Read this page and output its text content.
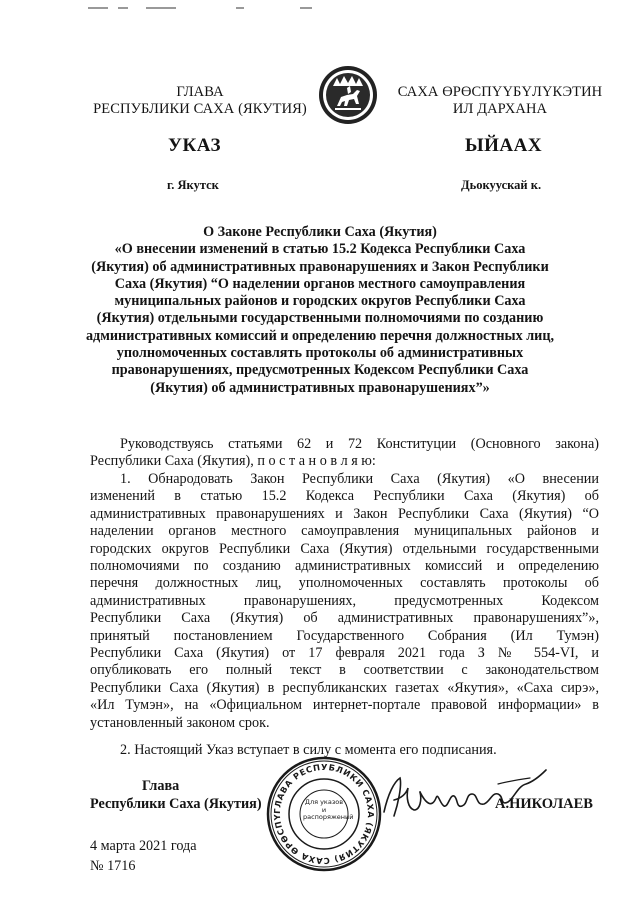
ГЛАВА
РЕСПУБЛИКИ САХА (ЯКУТИЯ)
САХА ӨРӨСПҮҮБҮЛҮКЭТИН
ИЛ ДАРХАНА
УКАЗ	ЫЙААХ
г. Якутск	Дьокуускай к.
О Законе Республики Саха (Якутия)
«О внесении изменений в статью 15.2 Кодекса Республики Саха
(Якутия) об административных правонарушениях и Закон Республики
Саха (Якутия) “О наделении органов местного самоуправления
муниципальных районов и городских округов Республики Саха
(Якутия) отдельными государственными полномочиями по созданию
административных комиссий и определению перечня должностных лиц,
уполномоченных составлять протоколы об административных
правонарушениях, предусмотренных Кодексом Республики Саха
(Якутия) об административных правонарушениях”»
Руководствуясь статьями 62 и 72 Конституции (Основного закона)
Республики Саха (Якутия), п о с т а н о в л я ю:
1. Обнародовать Закон Республики Саха (Якутия) «О внесении
изменений в статью 15.2 Кодекса Республики Саха (Якутия) об
административных правонарушениях и Закон Республики Саха (Якутия) “О
наделении органов местного самоуправления муниципальных районов и
городских округов Республики Саха (Якутия) отдельными государственными
полномочиями по созданию административных комиссий и определению
перечня должностных лиц, уполномоченных составлять протоколы об
административных правонарушениях, предусмотренных Кодексом
Республики Саха (Якутия) об административных правонарушениях”»,
принятый постановлением Государственного Собрания (Ил Тумэн)
Республики Саха (Якутия) от 17 февраля 2021 года З № 554-VI, и
опубликовать его полный текст в соответствии с законодательством
Республики Саха (Якутия) в республиканских газетах «Якутия», «Саха сирэ»,
«Ил Тумэн», на «Официальном интернет-портале правовой информации» в
установленный законом срок.
2. Настоящий Указ вступает в силу с момента его подписания.
Глава
Республики Саха (Якутия)	ГЛАВА РЕСПУБЛИКИ САХА (ЯКУТИЯ) САХА ӨРӨСПҮ
Для указов и распоряжений
А.НИКОЛАЕВ
4 марта 2021 года
№ 1716
